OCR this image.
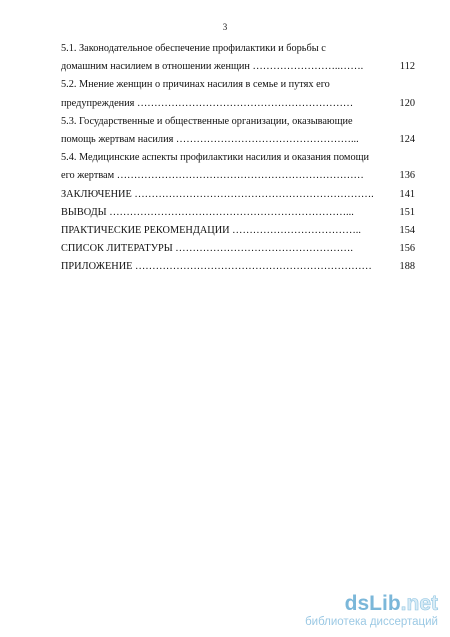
3
5.1. Законодательное обеспечение профилактики и борьбы с
домашним насилием в отношении женщин ……………………..…….	112
5.2. Мнение женщин о причинах насилия в семье и путях его
предупреждения ………………………………………………………	120
5.3. Государственные и общественные организации, оказывающие
помощь жертвам насилия ……………………………………………...	124
5.4. Медицинские аспекты профилактики насилия и оказания помощи
его жертвам ………………………………………………………………	136
ЗАКЛЮЧЕНИЕ …………………………………………………………….	141
ВЫВОДЫ ……………………………………………………………...	151
ПРАКТИЧЕСКИЕ РЕКОМЕНДАЦИИ ………………………………..	154
СПИСОК ЛИТЕРАТУРЫ …………………………………………….	156
ПРИЛОЖЕНИЕ ……………………………………………………………	188
dsLib.net
библиотека диссертаций
